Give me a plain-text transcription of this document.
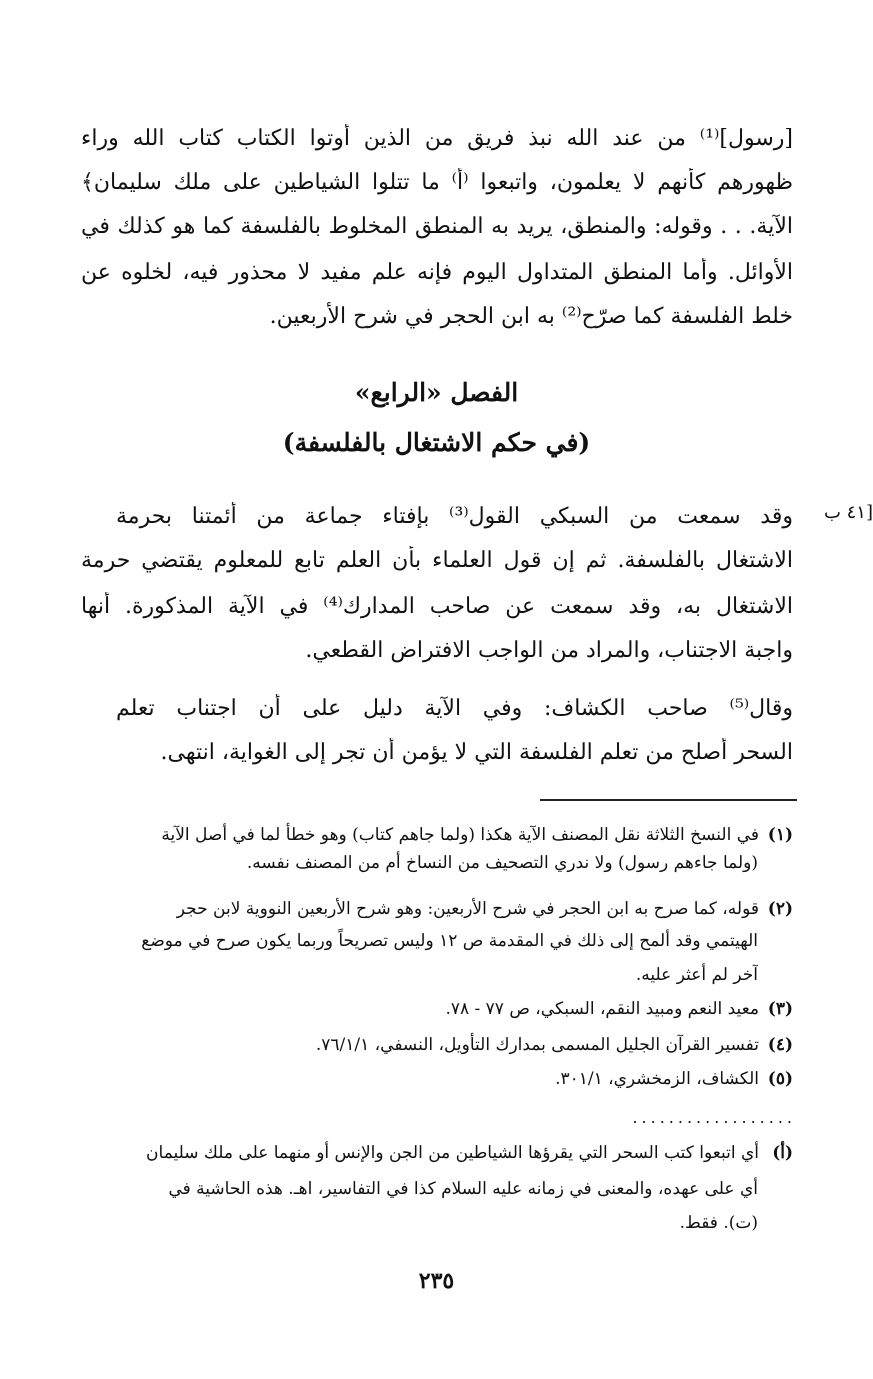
[رسول]⁽¹⁾ من عند الله نبذ فريق من الذين أوتوا الكتاب كتاب الله وراء
ظهورهم كأنهم لا يعلمون، واتبعوا ⁽أ⁾ ما تتلوا الشياطين على ملك سليمان﴾
الآية. . . وقوله: والمنطق، يريد به المنطق المخلوط بالفلسفة كما هو كذلك في
الأوائل. وأما المنطق المتداول اليوم فإنه علم مفيد لا محذور فيه، لخلوه عن
خلط الفلسفة كما صرّح⁽²⁾ به ابن الحجر في شرح الأربعين.
الفصل «الرابع»
(في حكم الاشتغال بالفلسفة)
[٤١ ب
وقد سمعت من السبكي القول⁽³⁾ بإفتاء جماعة من أئمتنا بحرمة
الاشتغال بالفلسفة. ثم إن قول العلماء بأن العلم تابع للمعلوم يقتضي حرمة
الاشتغال به، وقد سمعت عن صاحب المدارك⁽⁴⁾ في الآية المذكورة. أنها
واجبة الاجتناب، والمراد من الواجب الافتراض القطعي.
وقال⁽⁵⁾ صاحب الكشاف: وفي الآية دليل على أن اجتناب تعلم
السحر أصلح من تعلم الفلسفة التي لا يؤمن أن تجر إلى الغواية، انتهى.
(١)في النسخ الثلاثة نقل المصنف الآية هكذا (ولما جاهم كتاب) وهو خطأ لما في أصل الآية
(ولما جاءهم رسول) ولا ندري التصحيف من النساخ أم من المصنف نفسه.
(٢)قوله، كما صرح به ابن الحجر في شرح الأربعين: وهو شرح الأربعين النووية لابن حجر
الهيتمي وقد ألمح إلى ذلك في المقدمة ص ١٢ وليس تصريحاً وربما يكون صرح في موضع
آخر لم أعثر عليه.
(٣)معيد النعم ومبيد النقم، السبكي، ص ٧٧ - ٧٨.
(٤)تفسير القرآن الجليل المسمى بمدارك التأويل، النسفي، ٧٦/١/١.
(٥)الكشاف، الزمخشري، ٣٠١/١.
..................
(أ)أي اتبعوا كتب السحر التي يقرؤها الشياطين من الجن والإنس أو منهما على ملك سليمان
أي على عهده، والمعنى في زمانه عليه السلام كذا في التفاسير، اهـ. هذه الحاشية في
(ت). فقط.
٢٣٥
